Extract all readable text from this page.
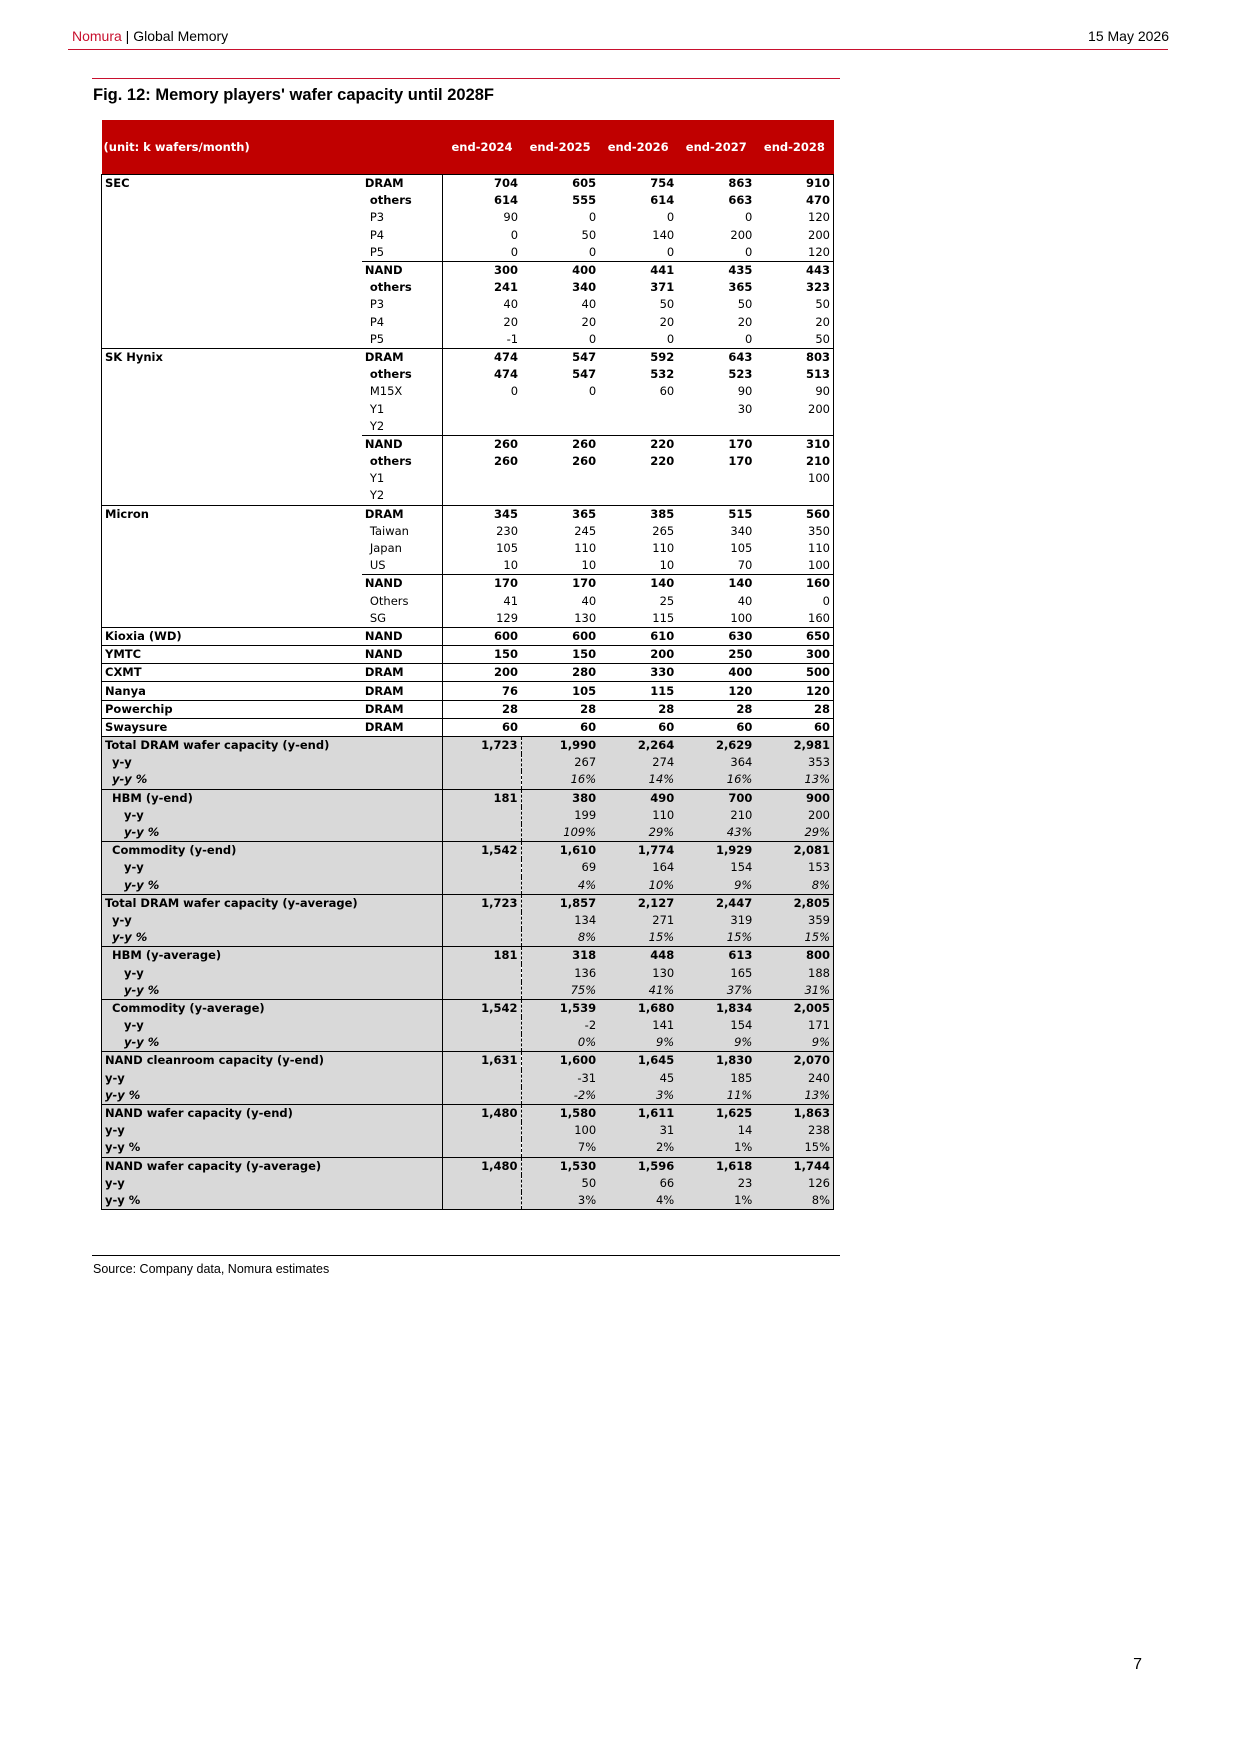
Nomura | Global Memory	15 May 2026
Fig. 12: Memory players' wafer capacity until 2028F
(unit: k wafers/month)		end-2024	end-2025	end-2026	end-2027	end-2028
SEC	DRAM	704	605	754	863	910
	others	614	555	614	663	470
	P3	90	0	0	0	120
	P4	0	50	140	200	200
	P5	0	0	0	0	120
	NAND	300	400	441	435	443
	others	241	340	371	365	323
	P3	40	40	50	50	50
	P4	20	20	20	20	20
	P5	-1	0	0	0	50
SK Hynix	DRAM	474	547	592	643	803
	others	474	547	532	523	513
	M15X	0	0	60	90	90
	Y1				30	200
	Y2					
	NAND	260	260	220	170	310
	others	260	260	220	170	210
	Y1					100
	Y2					
Micron	DRAM	345	365	385	515	560
	Taiwan	230	245	265	340	350
	Japan	105	110	110	105	110
	US	10	10	10	70	100
	NAND	170	170	140	140	160
	Others	41	40	25	40	0
	SG	129	130	115	100	160
Kioxia (WD)	NAND	600	600	610	630	650
YMTC	NAND	150	150	200	250	300
CXMT	DRAM	200	280	330	400	500
Nanya	DRAM	76	105	115	120	120
Powerchip	DRAM	28	28	28	28	28
Swaysure	DRAM	60	60	60	60	60
Total DRAM wafer capacity (y-end)		1,723	1,990	2,264	2,629	2,981
y-y			267	274	364	353
y-y %			16%	14%	16%	13%
HBM (y-end)		181	380	490	700	900
y-y			199	110	210	200
y-y %			109%	29%	43%	29%
Commodity (y-end)		1,542	1,610	1,774	1,929	2,081
y-y			69	164	154	153
y-y %			4%	10%	9%	8%
Total DRAM wafer capacity (y-average)		1,723	1,857	2,127	2,447	2,805
y-y			134	271	319	359
y-y %			8%	15%	15%	15%
HBM (y-average)		181	318	448	613	800
y-y			136	130	165	188
y-y %			75%	41%	37%	31%
Commodity (y-average)		1,542	1,539	1,680	1,834	2,005
y-y			-2	141	154	171
y-y %			0%	9%	9%	9%
NAND cleanroom capacity (y-end)		1,631	1,600	1,645	1,830	2,070
y-y			-31	45	185	240
y-y %			-2%	3%	11%	13%
NAND wafer capacity (y-end)		1,480	1,580	1,611	1,625	1,863
y-y			100	31	14	238
y-y %			7%	2%	1%	15%
NAND wafer capacity (y-average)		1,480	1,530	1,596	1,618	1,744
y-y			50	66	23	126
y-y %			3%	4%	1%	8%
Source: Company data, Nomura estimates
7
